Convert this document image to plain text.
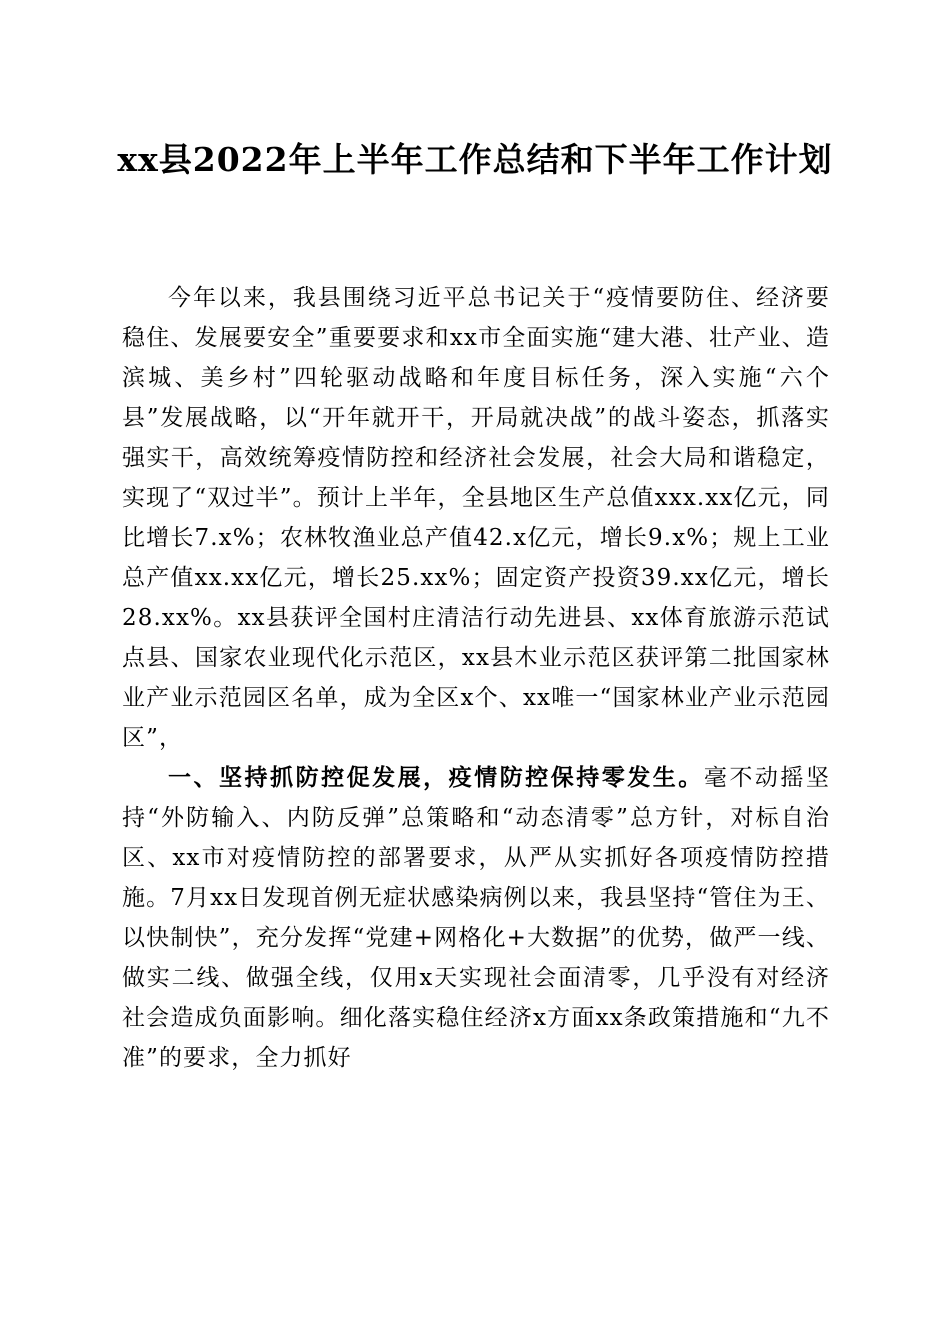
xx县2022年上半年工作总结和下半年工作计划

今年以来，我县围绕习近平总书记关于“疫情要防住、经济要稳住、发展要安全”重要要求和xx市全面实施“建大港、壮产业、造滨城、美乡村”四轮驱动战略和年度目标任务，深入实施“六个县”发展战略，以“开年就开干，开局就决战”的战斗姿态，抓落实强实干，高效统筹疫情防控和经济社会发展，社会大局和谐稳定，实现了“双过半”。预计上半年，全县地区生产总值xxx.xx亿元，同比增长7.x%；农林牧渔业总产值42.x亿元，增长9.x%；规上工业总产值xx.xx亿元，增长25.xx%；固定资产投资39.xx亿元，增长28.xx%。xx县获评全国村庄清洁行动先进县、xx体育旅游示范试点县、国家农业现代化示范区，xx县木业示范区获评第二批国家林业产业示范园区名单，成为全区x个、xx唯一“国家林业产业示范园区”，

一、坚持抓防控促发展，疫情防控保持零发生。毫不动摇坚持“外防输入、内防反弹”总策略和“动态清零”总方针，对标自治区、xx市对疫情防控的部署要求，从严从实抓好各项疫情防控措施。7月xx日发现首例无症状感染病例以来，我县坚持“管住为王、以快制快”，充分发挥“党建+网格化+大数据”的优势，做严一线、做实二线、做强全线，仅用x天实现社会面清零，几乎没有对经济社会造成负面影响。细化落实稳住经济x方面xx条政策措施和“九不准”的要求，全力抓好
